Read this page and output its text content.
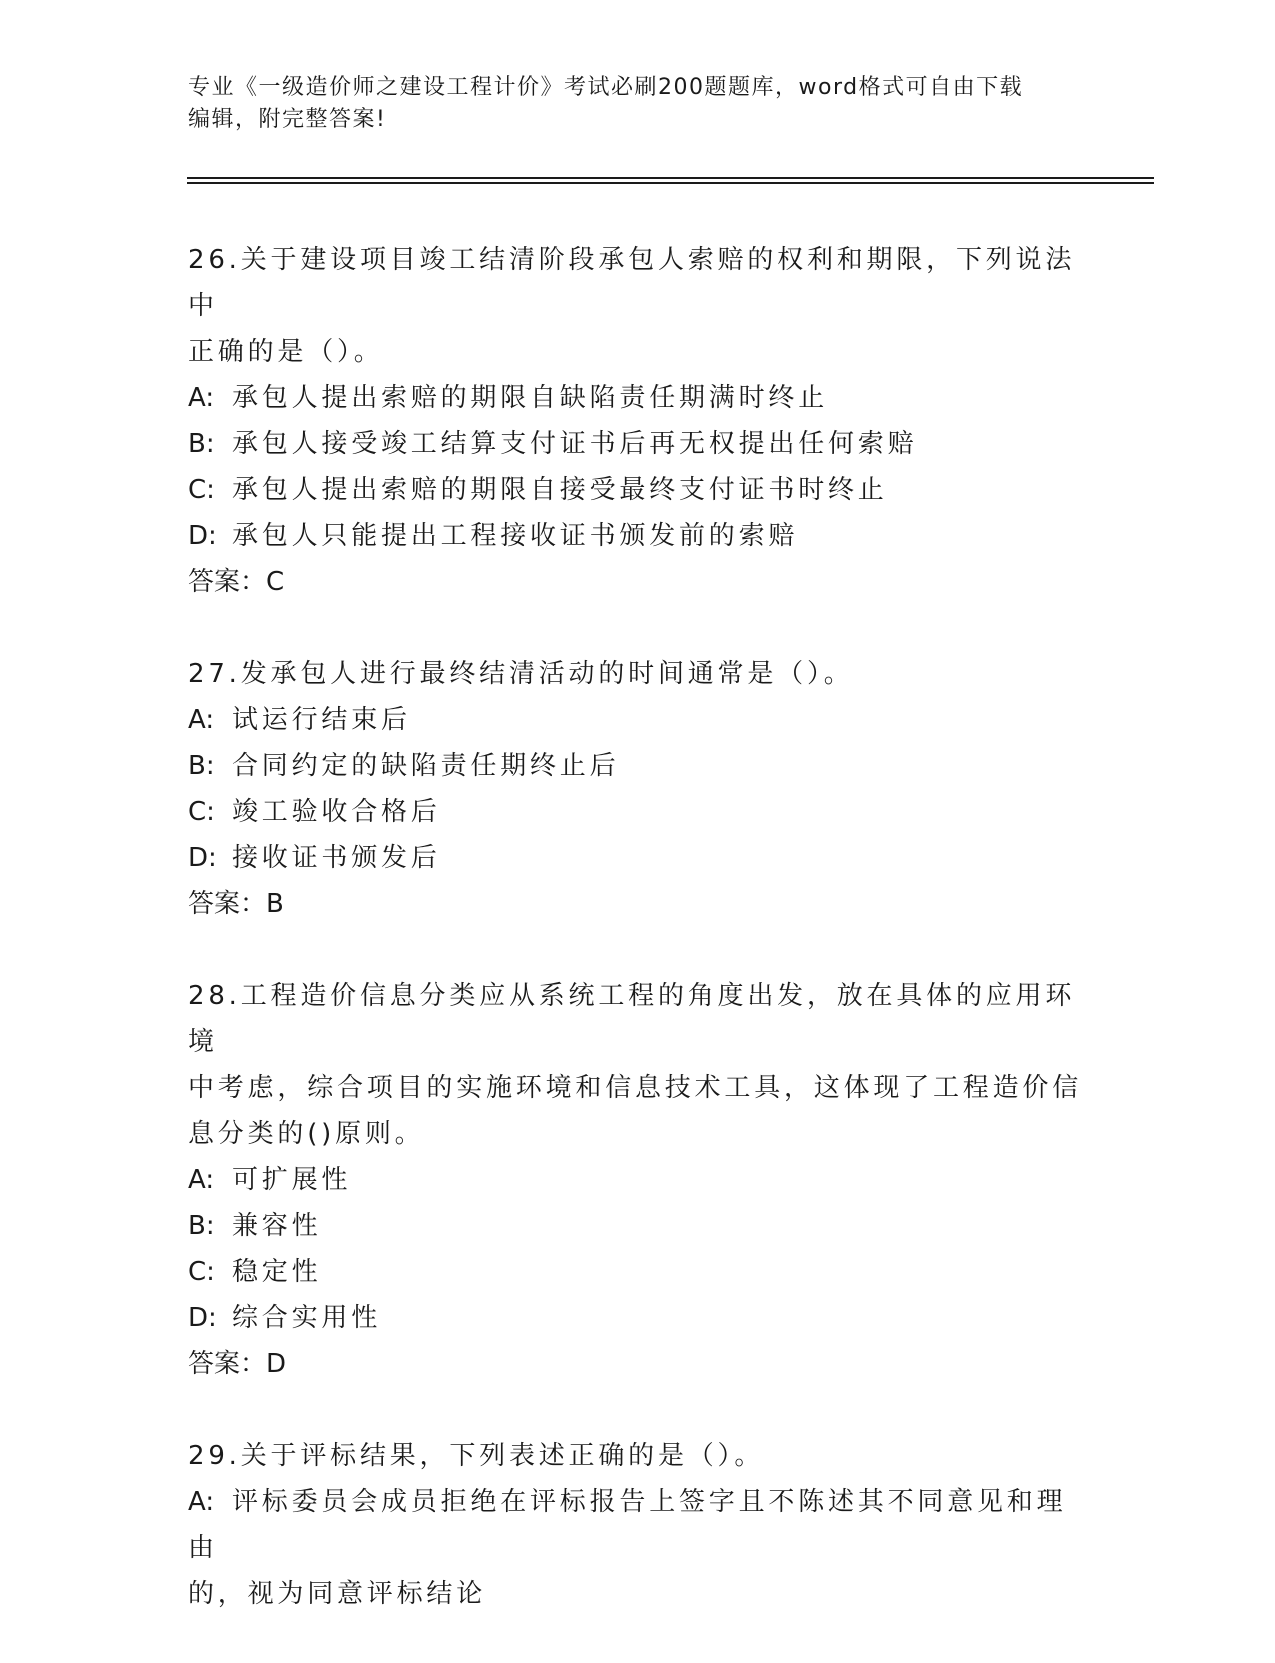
专业《一级造价师之建设工程计价》考试必刷200题题库，word格式可自由下载
编辑，附完整答案!

26.关于建设项目竣工结清阶段承包人索赔的权利和期限，下列说法中

正确的是（）。

A: 承包人提出索赔的期限自缺陷责任期满时终止

B: 承包人接受竣工结算支付证书后再无权提出任何索赔

C: 承包人提出索赔的期限自接受最终支付证书时终止

D: 承包人只能提出工程接收证书颁发前的索赔

答案：C

27.发承包人进行最终结清活动的时间通常是（）。

A: 试运行结束后

B: 合同约定的缺陷责任期终止后

C: 竣工验收合格后

D: 接收证书颁发后

答案：B

28.工程造价信息分类应从系统工程的角度出发，放在具体的应用环境

中考虑，综合项目的实施环境和信息技术工具，这体现了工程造价信

息分类的()原则。

A: 可扩展性

B: 兼容性

C: 稳定性

D: 综合实用性

答案：D

29.关于评标结果，下列表述正确的是（）。

A: 评标委员会成员拒绝在评标报告上签字且不陈述其不同意见和理由

的，视为同意评标结论
